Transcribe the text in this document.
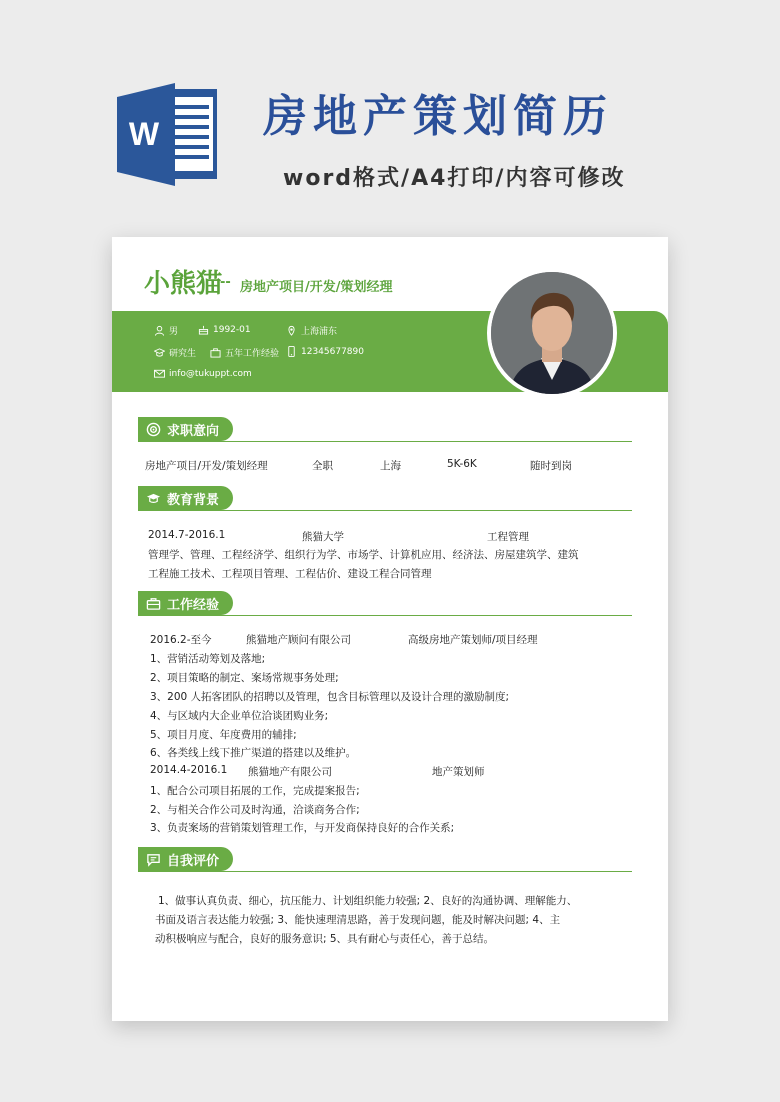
W 房地产策划简历
word格式/A4打印/内容可修改
小熊猫
-- 房地产项目/开发/策划经理
男	1992-01	上海浦东
研究生	五年工作经验 12345677890
info@tukuppt.com
求职意向
房地产项目/开发/策划经理	全职	上海	5K-6K	随时到岗
教育背景
2014.7-2016.1	熊猫大学	工程管理
管理学、管理、工程经济学、组织行为学、市场学、计算机应用、经济法、房屋建筑学、建筑
工程施工技术、工程项目管理、工程估价、建设工程合同管理
工作经验
2016.2-至今	熊猫地产顾问有限公司	高级房地产策划师/项目经理
1、营销活动筹划及落地;
2、项目策略的制定、案场常规事务处理;
3、200 人拓客团队的招聘以及管理，包含目标管理以及设计合理的激励制度;
4、与区域内大企业单位洽谈团购业务;
5、项目月度、年度费用的辅排;
6、各类线上线下推广渠道的搭建以及维护。
2014.4-2016.1 熊猫地产有限公司	地产策划师
1、配合公司项目拓展的工作，完成提案报告;
2、与相关合作公司及时沟通，洽谈商务合作;
3、负责案场的营销策划管理工作，与开发商保持良好的合作关系;
自我评价
1、做事认真负责、细心，抗压能力、计划组织能力较强; 2、良好的沟通协调、理解能力、
书面及语言表达能力较强; 3、能快速理清思路，善于发现问题，能及时解决问题; 4、主
动积极响应与配合，良好的服务意识; 5、具有耐心与责任心，善于总结。
